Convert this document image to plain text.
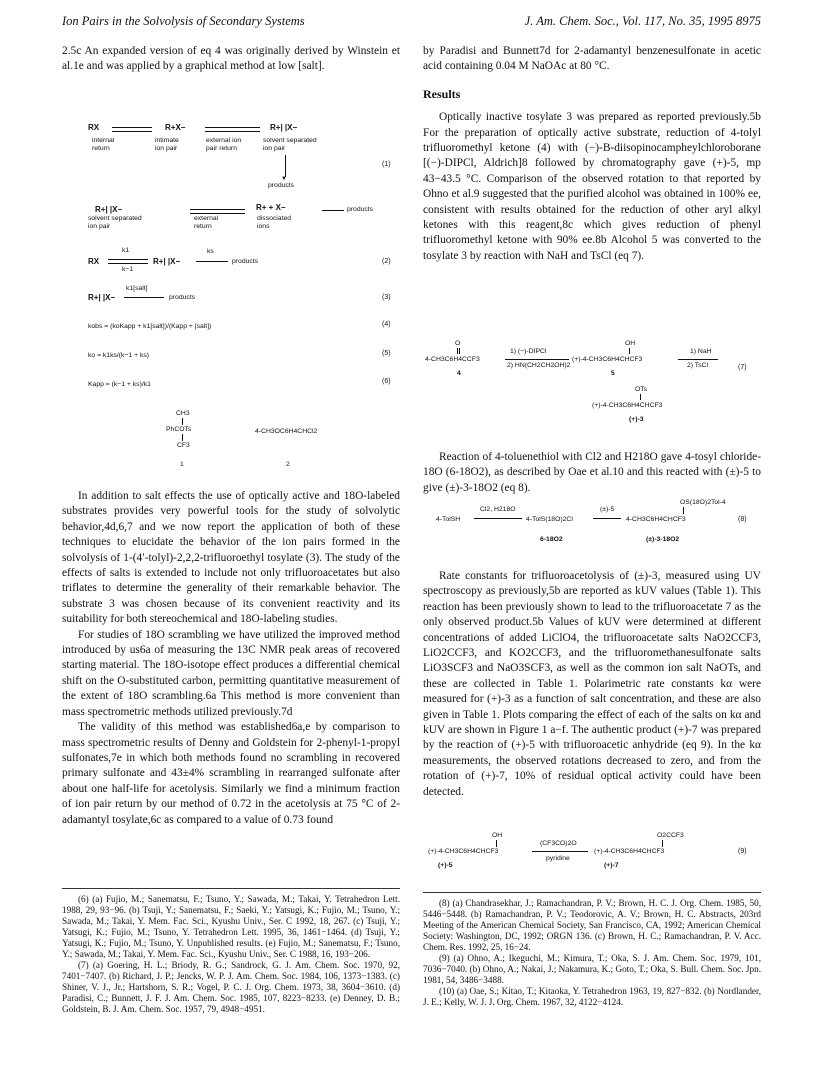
Ion Pairs in the Solvolysis of Secondary Systems	J. Am. Chem. Soc., Vol. 117, No. 35, 1995 8975

2.5c An expanded version of eq 4 was originally derived by Winstein et al.1e and was applied by a graphical method at low [salt].

RX	R+X−	R+| |X−
internal
return
intimate
ion pair
external ion
pair return
solvent separated
ion pair
▼
products
(1)
R+| |X−	R+ + X−	products
solvent separated
ion pair
external
return
dissociated
ions
RX
k1
k−1
R+| |X−
ks
products	(2)
R+| |X−
k1[salt]
products	(3)
kobs = (koKapp + k1[salt])/(Kapp + [salt])	(4)
ko = k1ks/(k−1 + ks)	(5)
Kapp = (k−1 + ks)/k1	(6)
CH3
PhCOTs
CF3
1
4-CH3OC6H4CHCl2
2

In addition to salt effects the use of optically active and 18O-labeled substrates provides very powerful tools for the study of solvolytic behavior,4d,6,7 and we now report the application of both of these techniques to elucidate the behavior of the ion pairs formed in the solvolysis of 1-(4′-tolyl)-2,2,2-trifluoroethyl tosylate (3). The study of the effects of salts is extended to include not only trifluoroacetates but also triflates to determine the generality of their remarkable behavior. The substrate 3 was chosen because of its convenient reactivity and its suitability for both stereochemical and 18O-labeling studies.

For studies of 18O scrambling we have utilized the improved method introduced by us6a of measuring the 13C NMR peak areas of recovered starting material. The 18O-isotope effect produces a differential chemical shift on the O-substituted carbon, permitting quantitative measurement of the extent of 18O scrambling.6a This method is more convenient than mass spectrometric methods utilized previously.7d

The validity of this method was established6a,e by comparison to mass spectrometric results of Denny and Goldstein for 2-phenyl-1-propyl sulfonates,7e in which both methods found no scrambling in recovered primary sulfonate and 43±4% scrambling in rearranged sulfonate after about one half-life for acetolysis. Similarly we find a minimum fraction of ion pair return by our method of 0.72 in the acetolysis at 75 °C of 2-adamantyl tosylate,6c as compared to a value of 0.73 found

(6) (a) Fujio, M.; Sanematsu, F.; Tsuno, Y.; Sawada, M.; Takai, Y. Tetrahedron Lett. 1988, 29, 93−96. (b) Tsuji, Y.; Sanematsu, F.; Saeki, Y.; Yatsugi, K.; Fujio, M.; Tsuno, Y.; Sawada, M.; Takai, Y. Mem. Fac. Sci., Kyushu Univ., Ser. C 1992, 18, 267. (c) Tsuji, Y.; Yatsugi, K.; Fujio, M.; Tsuno, Y. Tetrahedron Lett. 1995, 36, 1461−1464. (d) Tsuji, Y.; Yatsugi, K.; Fujio, M.; Tsuno, Y. Unpublished results. (e) Fujio, M.; Sanematsu, F.; Tsuno, Y.; Sawada, M.; Takai, Y. Mem. Fac. Sci., Kyushu Univ., Ser. C 1988, 16, 193−206.

(7) (a) Goering, H. L.; Briody, R. G.; Sandrock, G. J. Am. Chem. Soc. 1970, 92, 7401−7407. (b) Richard, J. P.; Jencks, W. P. J. Am. Chem. Soc. 1984, 106, 1373−1383. (c) Shiner, V. J., Jr.; Hartshorn, S. R.; Vogel, P. C. J. Org. Chem. 1973, 38, 3604−3610. (d) Paradisi, C.; Bunnett, J. F. J. Am. Chem. Soc. 1985, 107, 8223−8233. (e) Denney, D. B.; Goldstein, B. J. Am. Chem. Soc. 1957, 79, 4948−4951.

by Paradisi and Bunnett7d for 2-adamantyl benzenesulfonate in acetic acid containing 0.04 M NaOAc at 80 °C.

Results

Optically inactive tosylate 3 was prepared as reported previously.5b For the preparation of optically active substrate, reduction of 4-tolyl trifluoromethyl ketone (4) with (−)-B-diisopinocampheylchloroborane [(−)-DIPCl, Aldrich]8 followed by chromatography gave (+)-5, mp 43−43.5 °C. Comparison of the observed rotation to that reported by Ohno et al.9 suggested that the purified alcohol was obtained in 100% ee, consistent with results obtained for the reduction of other aryl alkyl ketones with this reagent,8c which gives reduction of phenyl trifluoromethyl ketone with 90% ee.8b Alcohol 5 was converted to the tosylate 3 by reaction with NaH and TsCl (eq 7).

O
4-CH3C6H4CCF3
4
1) (−)-DIPCl
2) HN(CH2CH2OH)2
OH
(+)-4-CH3C6H4CHCF3
5
1) NaH
2) TsCl
OTs
(+)-4-CH3C6H4CHCF3
(+)-3
(7)

Reaction of 4-toluenethiol with Cl2 and H218O gave 4-tosyl chloride-18O (6-18O2), as described by Oae et al.10 and this reacted with (±)-5 to give (±)-3-18O2 (eq 8).

4-TolSH
Cl2, H218O
4-TolS(18O)2Cl
6-18O2
(±)-5
OS(18O)2Tol-4
4-CH3C6H4CHCF3
(±)-3-18O2
(8)

Rate constants for trifluoroacetolysis of (±)-3, measured using UV spectroscopy as previously,5b are reported as kUV values (Table 1). This reaction has been previously shown to lead to the trifluoroacetate 7 as the only observed product.5b Values of kUV were determined at different concentrations of added LiClO4, the trifluoroacetate salts NaO2CCF3, LiO2CCF3, and KO2CCF3, and the trifluoromethanesulfonate salts LiO3SCF3 and NaO3SCF3, as well as the common ion salt NaOTs, and these are collected in Table 1. Polarimetric rate constants kα were measured for (+)-3 as a function of salt concentration, and these are also given in Table 1. Plots comparing the effect of each of the salts on kα and kUV are shown in Figure 1 a−f. The authentic product (+)-7 was prepared by the reaction of (+)-5 with trifluoroacetic anhydride (eq 9). In the kα measurements, the observed rotations decreased to zero, and from the rotation of (+)-7, 10% of residual optical activity could have been detected.

OH
(+)-4-CH3C6H4CHCF3
(+)-5
(CF3CO)2O
pyridine
O2CCF3
(+)-4-CH3C6H4CHCF3
(+)-7
(9)

(8) (a) Chandrasekhar, J.; Ramachandran, P. V.; Brown, H. C. J. Org. Chem. 1985, 50, 5446−5448. (b) Ramachandran, P. V.; Teodorovic, A. V.; Brown, H. C. Abstracts, 203rd Meeting of the American Chemical Society, San Francisco, CA, 1992; American Chemical Society: Washington, DC, 1992; ORGN 136. (c) Brown, H. C.; Ramachandran, P. V. Acc. Chem. Res. 1992, 25, 16−24.

(9) (a) Ohno, A.; Ikeguchi, M.; Kimura, T.; Oka, S. J. Am. Chem. Soc. 1979, 101, 7036−7040. (b) Ohno, A.; Nakai, J.; Nakamura, K.; Goto, T.; Oka, S. Bull. Chem. Soc. Jpn. 1981, 54, 3486−3488.

(10) (a) Oae, S.; Kitao, T.; Kitaoka, Y. Tetrahedron 1963, 19, 827−832. (b) Nordlander, J. E.; Kelly, W. J. J. Org. Chem. 1967, 32, 4122−4124.
